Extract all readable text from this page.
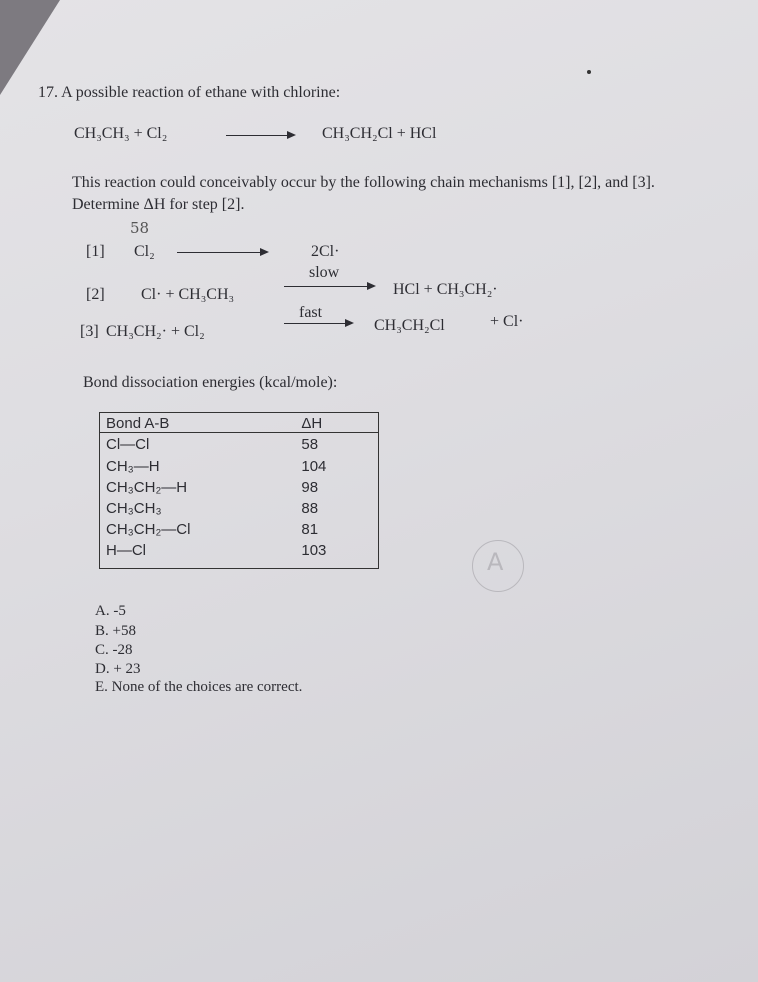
17. A possible reaction of ethane with chlorine:
CH₃CH₃ + Cl₂	CH₃CH₂Cl + HCl
This reaction could conceivably occur by the following chain mechanisms [1], [2], and [3].
Determine ΔH for step [2].
58
[1] Cl₂	2Cl·
[2] Cl· + CH₃CH₃
slow
HCl + CH₃CH₂·
[3] CH₃CH₂· + Cl₂
fast
CH₃CH₂Cl	+ Cl·
Bond dissociation energies (kcal/mole):
Bond A-B	ΔH
Cl—Cl	58
CH₃—H	104
CH₃CH₂—H	98
CH₃CH₃	88
CH₃CH₂—Cl	81
H—Cl	103	A
A. -5
B. +58
C. -28
D. + 23
E. None of the choices are correct.
